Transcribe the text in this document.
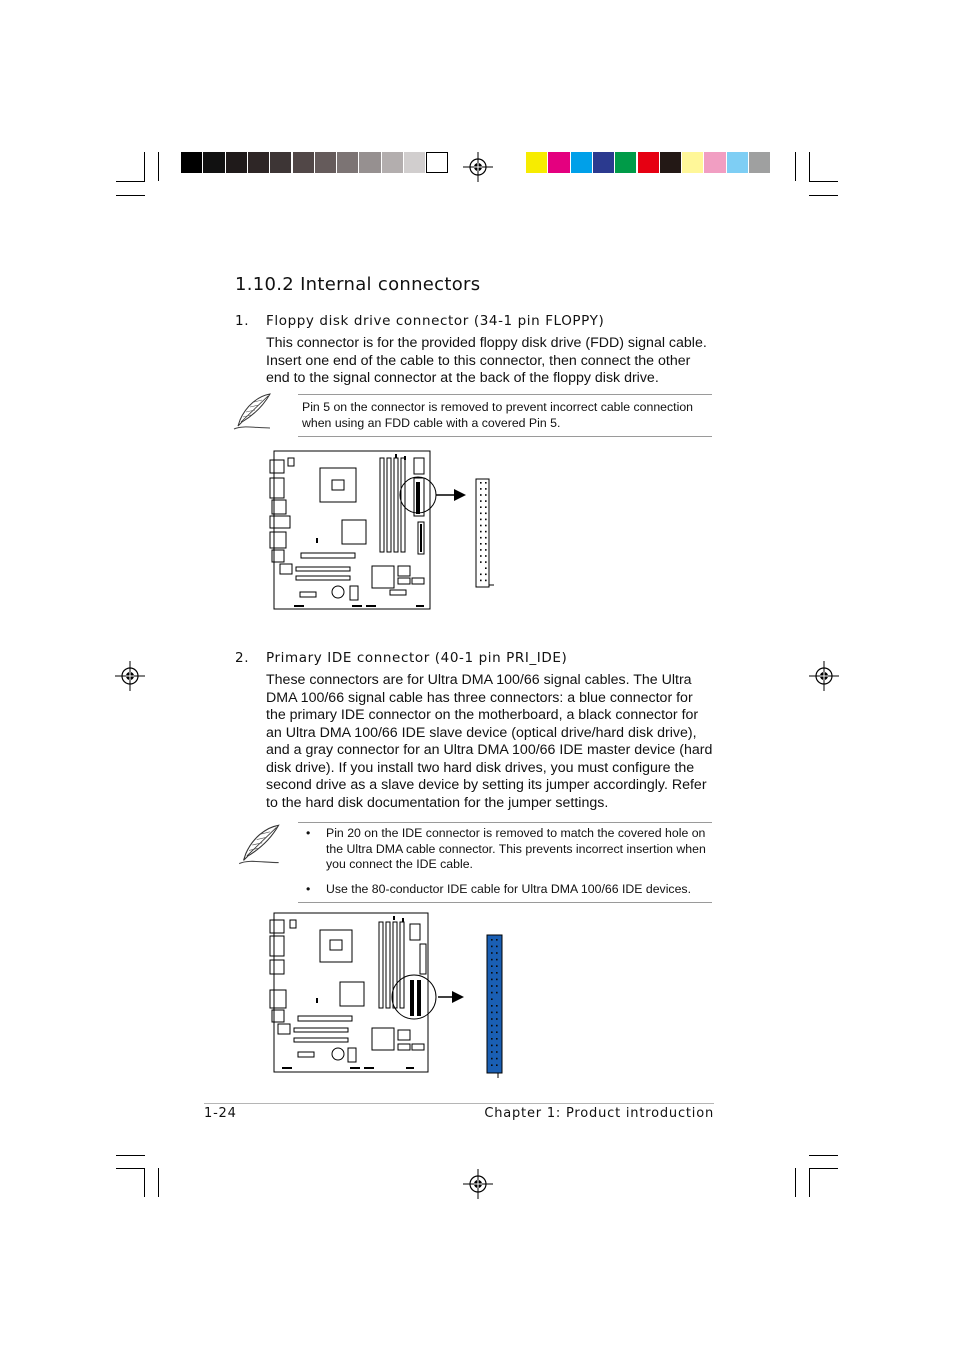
1.10.2 Internal connectors
1. Floppy disk drive connector (34-1 pin FLOPPY)

This connector is for the provided floppy disk drive (FDD) signal cable. Insert one end of the cable to this connector, then connect the other end to the signal connector at the back of the floppy disk drive.

Pin 5 on the connector is removed to prevent incorrect cable connection when using an FDD cable with a covered Pin 5.

2. Primary IDE connector (40-1 pin PRI_IDE)

These connectors are for Ultra DMA 100/66 signal cables. The Ultra DMA 100/66 signal cable has three connectors: a blue connector for the primary IDE connector on the motherboard, a black connector for an Ultra DMA 100/66 IDE slave device (optical drive/hard disk drive), and a gray connector for an Ultra DMA 100/66 IDE master device (hard disk drive). If you install two hard disk drives, you must configure the second drive as a slave device by setting its jumper accordingly. Refer to the hard disk documentation for the jumper settings.

• Pin 20 on the IDE connector is removed to match the covered hole on the Ultra DMA cable connector. This prevents incorrect insertion when you connect the IDE cable.

• Use the 80-conductor IDE cable for Ultra DMA 100/66 IDE devices.

1-24	Chapter 1: Product introduction
